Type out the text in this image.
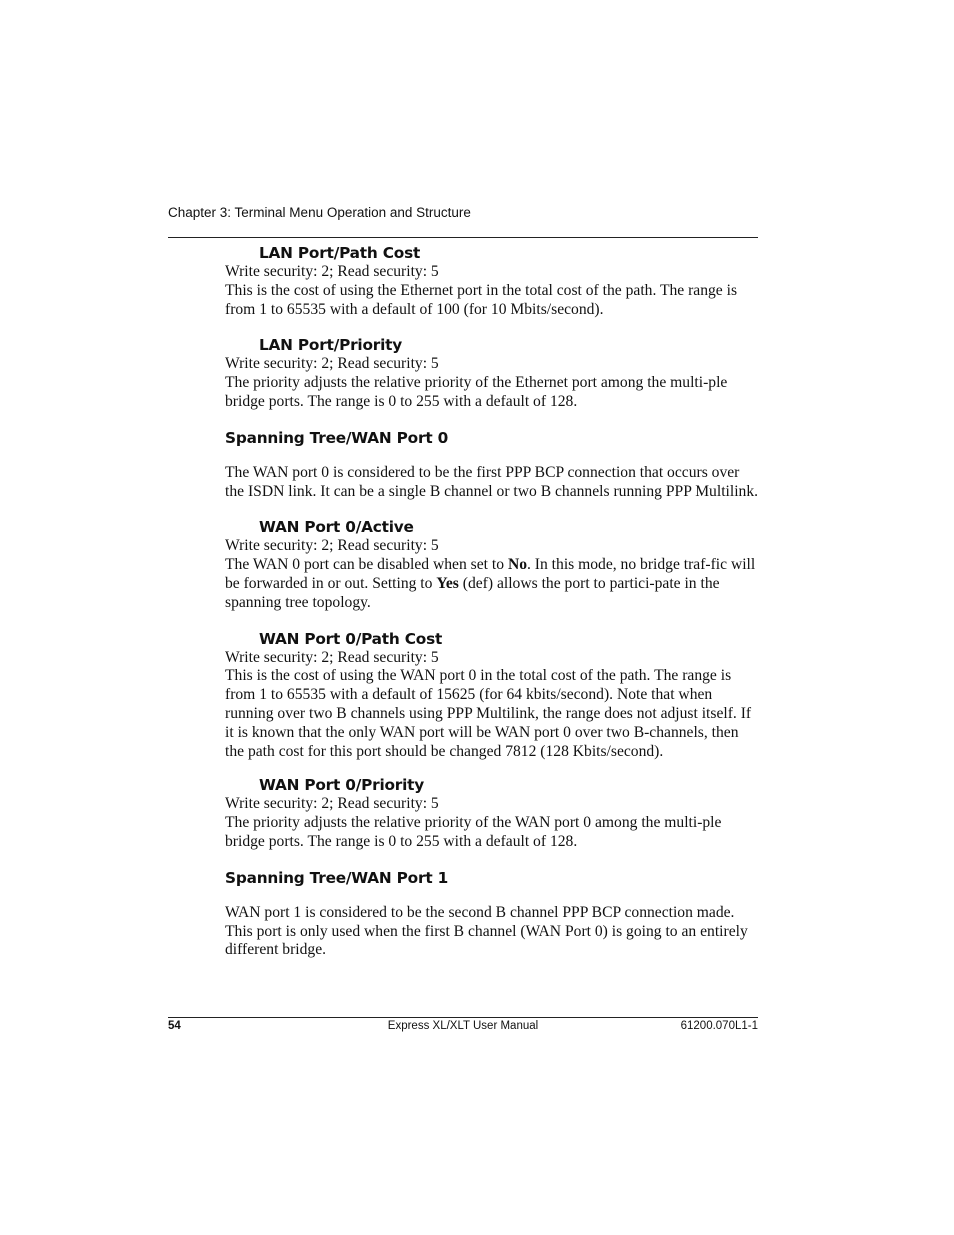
Chapter 3: Terminal Menu Operation and Structure
LAN Port/Path Cost

Write security: 2; Read security: 5

This is the cost of using the Ethernet port in the total cost of the path. The range is from 1 to 65535 with a default of 100 (for 10 Mbits/second).

LAN Port/Priority

Write security: 2; Read security: 5

The priority adjusts the relative priority of the Ethernet port among the multi-ple bridge ports. The range is 0 to 255 with a default of 128.

Spanning Tree/WAN Port 0

The WAN port 0 is considered to be the first PPP BCP connection that occurs over the ISDN link. It can be a single B channel or two B channels running PPP Multilink.

WAN Port 0/Active

Write security: 2; Read security: 5

The WAN 0 port can be disabled when set to No. In this mode, no bridge traf-fic will be forwarded in or out. Setting to Yes (def) allows the port to partici-pate in the spanning tree topology.

WAN Port 0/Path Cost

Write security: 2; Read security: 5

This is the cost of using the WAN port 0 in the total cost of the path. The range is from 1 to 65535 with a default of 15625 (for 64 kbits/second). Note that when running over two B channels using PPP Multilink, the range does not adjust itself. If it is known that the only WAN port will be WAN port 0 over two B-channels, then the path cost for this port should be changed 7812 (128 Kbits/second).

WAN Port 0/Priority

Write security: 2; Read security: 5

The priority adjusts the relative priority of the WAN port 0 among the multi-ple bridge ports. The range is 0 to 255 with a default of 128.

Spanning Tree/WAN Port 1

WAN port 1 is considered to be the second B channel PPP BCP connection made. This port is only used when the first B channel (WAN Port 0) is going to an entirely different bridge.

54	Express XL/XLT User Manual	61200.070L1-1
